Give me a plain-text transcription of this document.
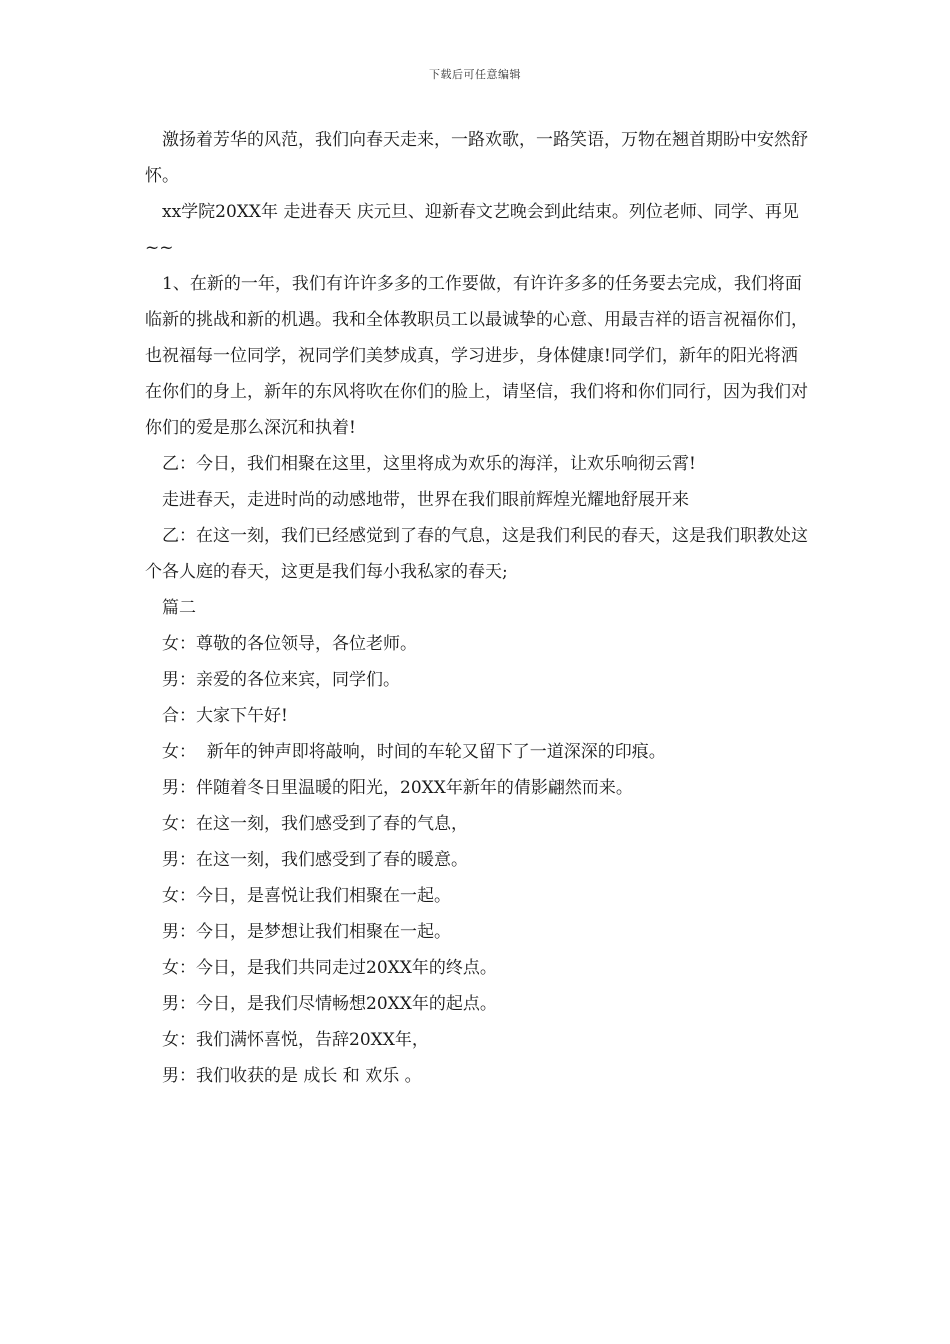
下载后可任意编辑

激扬着芳华的风范，我们向春天走来，一路欢歌，一路笑语，万物在翘首期盼中安然舒怀。

xx学院20XX年 走进春天 庆元旦、迎新春文艺晚会到此结束。列位老师、同学、再见~~

1、在新的一年，我们有许许多多的工作要做，有许许多多的任务要去完成，我们将面临新的挑战和新的机遇。我和全体教职员工以最诚挚的心意、用最吉祥的语言祝福你们，也祝福每一位同学，祝同学们美梦成真，学习进步，身体健康!同学们，新年的阳光将洒在你们的身上，新年的东风将吹在你们的脸上，请坚信，我们将和你们同行，因为我们对你们的爱是那么深沉和执着!

乙：今日，我们相聚在这里，这里将成为欢乐的海洋，让欢乐响彻云霄!

走进春天，走进时尚的动感地带，世界在我们眼前辉煌光耀地舒展开来

乙：在这一刻，我们已经感觉到了春的气息，这是我们利民的春天，这是我们职教处这个各人庭的春天，这更是我们每小我私家的春天;

篇二

女：尊敬的各位领导，各位老师。

男：亲爱的各位来宾，同学们。

合：大家下午好!

女：  新年的钟声即将敲响，时间的车轮又留下了一道深深的印痕。

男：伴随着冬日里温暖的阳光，20XX年新年的倩影翩然而来。

女：在这一刻，我们感受到了春的气息，

男：在这一刻，我们感受到了春的暖意。

女：今日，是喜悦让我们相聚在一起。

男：今日，是梦想让我们相聚在一起。

女：今日，是我们共同走过20XX年的终点。

男：今日，是我们尽情畅想20XX年的起点。

女：我们满怀喜悦，告辞20XX年，

男：我们收获的是 成长 和 欢乐 。
